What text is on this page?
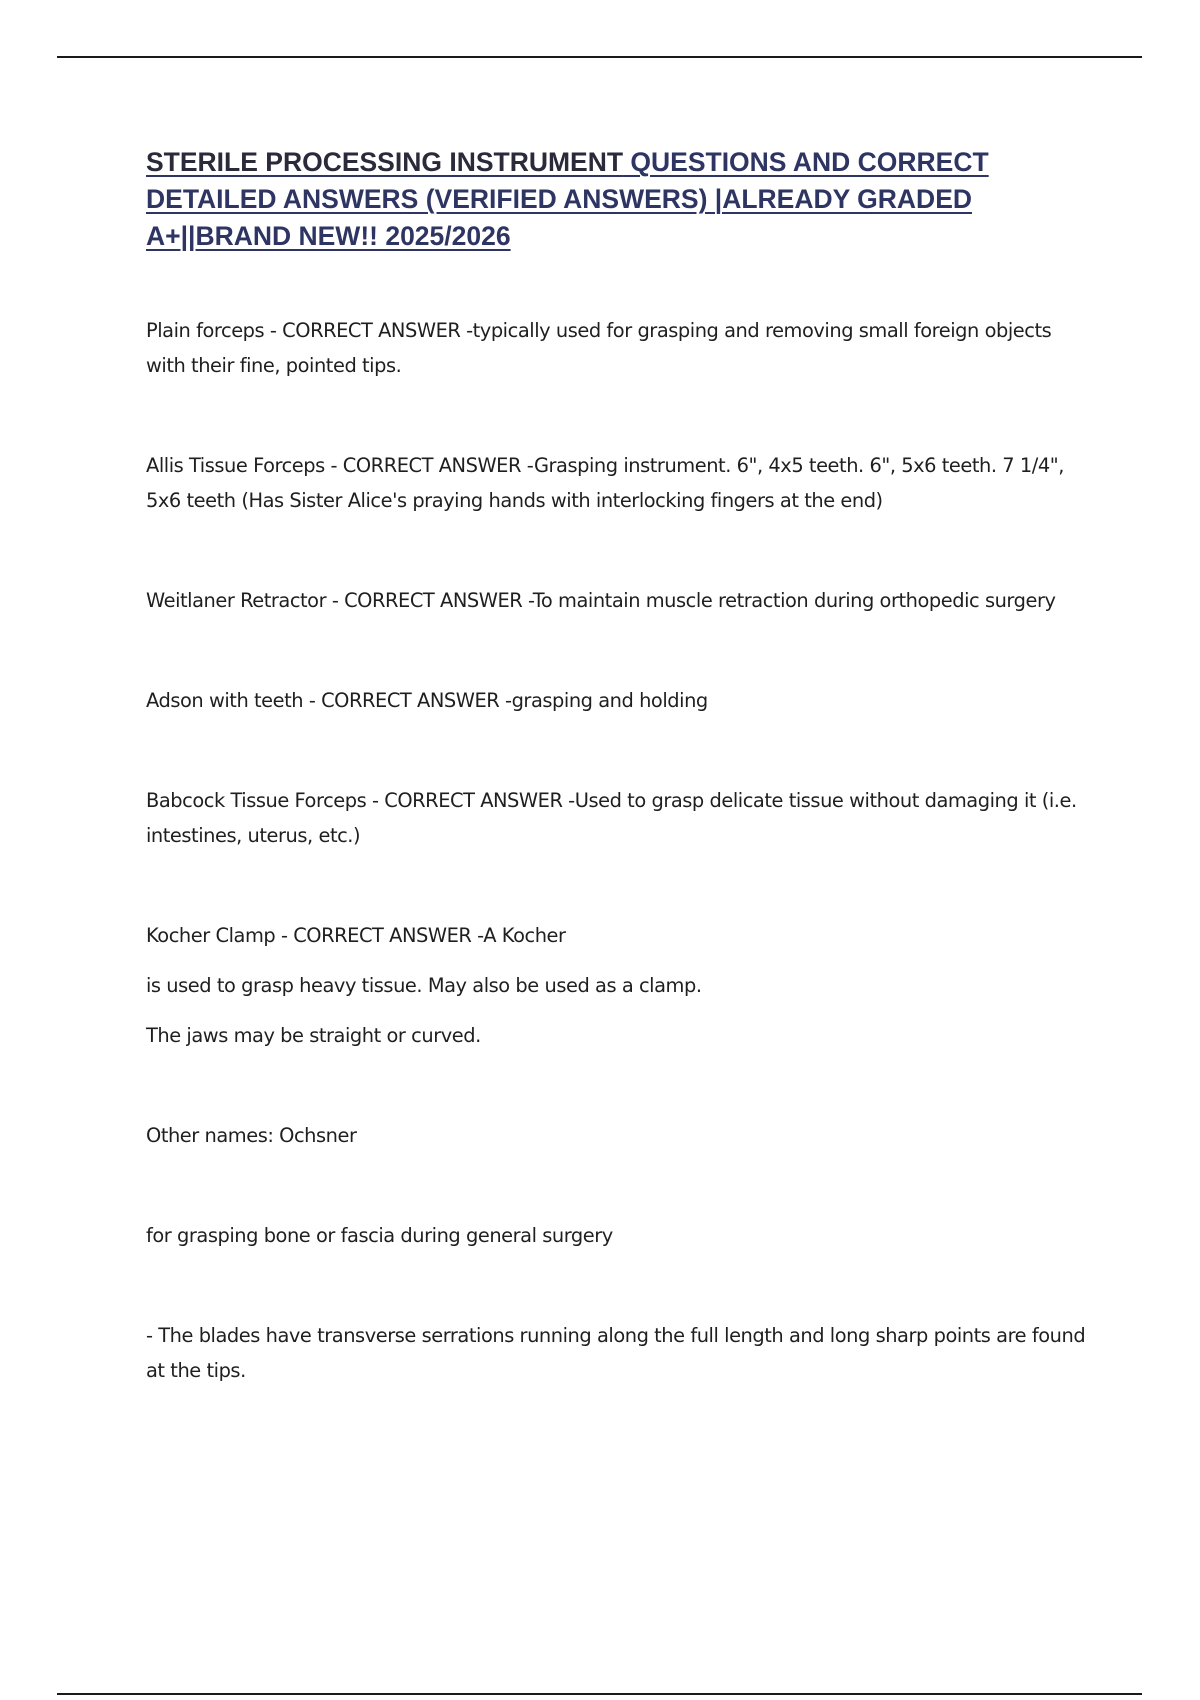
STERILE PROCESSING INSTRUMENT QUESTIONS AND CORRECT DETAILED ANSWERS (VERIFIED ANSWERS) |ALREADY GRADED A+||BRAND NEW!! 2025/2026

Plain forceps - CORRECT ANSWER -typically used for grasping and removing small foreign objects with their fine, pointed tips.

Allis Tissue Forceps - CORRECT ANSWER -Grasping instrument. 6", 4x5 teeth. 6", 5x6 teeth. 7 1/4", 5x6 teeth (Has Sister Alice's praying hands with interlocking fingers at the end)

Weitlaner Retractor - CORRECT ANSWER -To maintain muscle retraction during orthopedic surgery

Adson with teeth - CORRECT ANSWER -grasping and holding

Babcock Tissue Forceps - CORRECT ANSWER -Used to grasp delicate tissue without damaging it (i.e. intestines, uterus, etc.)

Kocher Clamp - CORRECT ANSWER -A Kocher

is used to grasp heavy tissue. May also be used as a clamp.

The jaws may be straight or curved.

Other names: Ochsner

for grasping bone or fascia during general surgery

- The blades have transverse serrations running along the full length and long sharp points are found at the tips.
